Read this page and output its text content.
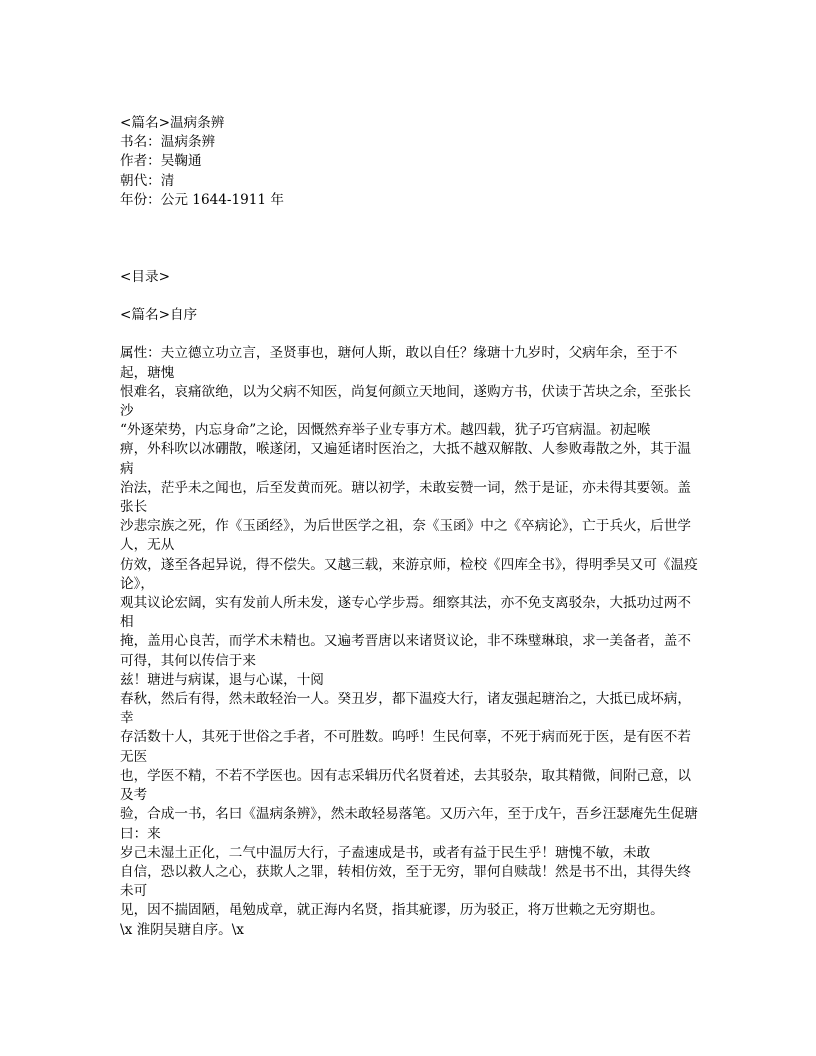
<篇名>温病条辨
书名：温病条辨
作者：吴鞠通
朝代：清
年份：公元 1644-1911 年
<目录>
<篇名>自序
属性：夫立德立功立言，圣贤事也，瑭何人斯，敢以自任？缘瑭十九岁时，父病年余，至于不起，瑭愧
恨难名，哀痛欲绝，以为父病不知医，尚复何颜立天地间，遂购方书，伏读于苫块之余，至张长沙
“外逐荣势，内忘身命”之论，因慨然弃举子业专事方术。越四载，犹子巧官病温。初起喉
痹，外科吹以冰硼散，喉遂闭，又遍延诸时医治之，大抵不越双解散、人参败毒散之外，其于温病
治法，茫乎未之闻也，后至发黄而死。瑭以初学，未敢妄赞一词，然于是证，亦未得其要领。盖张长
沙悲宗族之死，作《玉函经》，为后世医学之祖，奈《玉函》中之《卒病论》，亡于兵火，后世学人，无从
仿效，遂至各起异说，得不偿失。又越三载，来游京师，检校《四库全书》，得明季吴又可《温疫论》，
观其议论宏阔，实有发前人所未发，遂专心学步焉。细察其法，亦不免支离驳杂，大抵功过两不相
掩，盖用心良苦，而学术未精也。又遍考晋唐以来诸贤议论，非不珠璧琳琅，求一美备者，盖不可得，其何以传信于来
兹！瑭进与病谋，退与心谋，十阅
春秋，然后有得，然未敢轻治一人。癸丑岁，都下温疫大行，诸友强起瑭治之，大抵已成坏病，幸
存活数十人，其死于世俗之手者，不可胜数。呜呼！生民何辜，不死于病而死于医，是有医不若无医
也，学医不精，不若不学医也。因有志采辑历代名贤着述，去其驳杂，取其精微，间附己意，以及考
验，合成一书，名曰《温病条辨》，然未敢轻易落笔。又历六年，至于戊午，吾乡汪瑟庵先生促瑭曰：来
岁己未湿土正化，二气中温厉大行，子盍速成是书，或者有益于民生乎！瑭愧不敏，未敢
自信，恐以救人之心，获欺人之罪，转相仿效，至于无穷，罪何自赎哉！然是书不出，其得失终未可
见，因不揣固陋，黾勉成章，就正海内名贤，指其疵谬，历为驳正，将万世赖之无穷期也。
\x 淮阴吴瑭自序。\x
